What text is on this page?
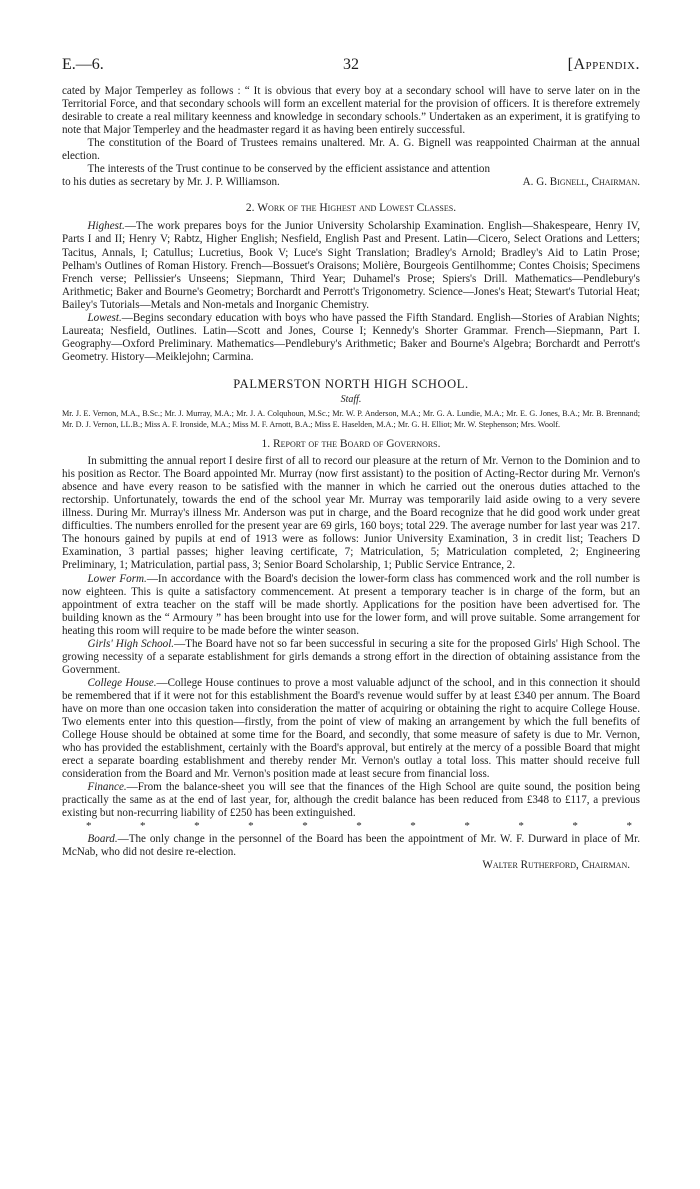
E.—6.	32	[Appendix.

cated by Major Temperley as follows : “ It is obvious that every boy at a secondary school will have to serve later on in the Territorial Force, and that secondary schools will form an excellent material for the provision of officers. It is therefore extremely desirable to create a real military keenness and knowledge in secondary schools.” Undertaken as an experiment, it is gratifying to note that Major Temperley and the headmaster regard it as having been entirely successful.

The constitution of the Board of Trustees remains unaltered. Mr. A. G. Bignell was reappointed Chairman at the annual election.

The interests of the Trust continue to be conserved by the efficient assistance and attention to his duties as secretary by Mr. J. P. Williamson.	A. G. Bignell, Chairman.

2. Work of the Highest and Lowest Classes.

Highest.—The work prepares boys for the Junior University Scholarship Examination. English—Shakespeare, Henry IV, Parts I and II; Henry V; Rabtz, Higher English; Nesfield, English Past and Present. Latin—Cicero, Select Orations and Letters; Tacitus, Annals, I; Catullus; Lucretius, Book V; Luce's Sight Translation; Bradley's Arnold; Bradley's Aid to Latin Prose; Pelham's Outlines of Roman History. French—Bossuet's Oraisons; Molière, Bourgeois Gentilhomme; Contes Choisis; Specimens French verse; Pellissier's Unseens; Siepmann, Third Year; Duhamel's Prose; Spiers's Drill. Mathematics—Pendlebury's Arithmetic; Baker and Bourne's Geometry; Borchardt and Perrott's Trigonometry. Science—Jones's Heat; Stewart's Tutorial Heat; Bailey's Tutorials—Metals and Non-metals and Inorganic Chemistry.

Lowest.—Begins secondary education with boys who have passed the Fifth Standard. English—Stories of Arabian Nights; Laureata; Nesfield, Outlines. Latin—Scott and Jones, Course I; Kennedy's Shorter Grammar. French—Siepmann, Part I. Geography—Oxford Preliminary. Mathematics—Pendlebury's Arithmetic; Baker and Bourne's Algebra; Borchardt and Perrott's Geometry. History—Meiklejohn; Carmina.

PALMERSTON NORTH HIGH SCHOOL.

Staff.

Mr. J. E. Vernon, M.A., B.Sc.; Mr. J. Murray, M.A.; Mr. J. A. Colquhoun, M.Sc.; Mr. W. P. Anderson, M.A.; Mr. G. A. Lundie, M.A.; Mr. E. G. Jones, B.A.; Mr. B. Brennand; Mr. D. J. Vernon, LL.B.; Miss A. F. Ironside, M.A.; Miss M. F. Arnott, B.A.; Miss E. Haselden, M.A.; Mr. G. H. Elliot; Mr. W. Stephenson; Mrs. Woolf.

1. Report of the Board of Governors.

In submitting the annual report I desire first of all to record our pleasure at the return of Mr. Vernon to the Dominion and to his position as Rector. The Board appointed Mr. Murray (now first assistant) to the position of Acting-Rector during Mr. Vernon's absence and have every reason to be satisfied with the manner in which he carried out the onerous duties attached to the rectorship. Unfortunately, towards the end of the school year Mr. Murray was temporarily laid aside owing to a very severe illness. During Mr. Murray's illness Mr. Anderson was put in charge, and the Board recognize that he did good work under great difficulties. The numbers enrolled for the present year are 69 girls, 160 boys; total 229. The average number for last year was 217. The honours gained by pupils at end of 1913 were as follows: Junior University Examination, 3 in credit list; Teachers D Examination, 3 partial passes; higher leaving certificate, 7; Matriculation, 5; Matriculation completed, 2; Engineering Preliminary, 1; Matriculation, partial pass, 3; Senior Board Scholarship, 1; Public Service Entrance, 2.

Lower Form.—In accordance with the Board's decision the lower-form class has commenced work and the roll number is now eighteen. This is quite a satisfactory commencement. At present a temporary teacher is in charge of the form, but an appointment of extra teacher on the staff will be made shortly. Applications for the position have been advertised for. The building known as the “ Armoury ” has been brought into use for the lower form, and will prove suitable. Some arrangement for heating this room will require to be made before the winter season.

Girls' High School.—The Board have not so far been successful in securing a site for the proposed Girls' High School. The growing necessity of a separate establishment for girls demands a strong effort in the direction of obtaining assistance from the Government.

College House.—College House continues to prove a most valuable adjunct of the school, and in this connection it should be remembered that if it were not for this establishment the Board's revenue would suffer by at least £340 per annum. The Board have on more than one occasion taken into consideration the matter of acquiring or obtaining the right to acquire College House. Two elements enter into this question—firstly, from the point of view of making an arrangement by which the full benefits of College House should be obtained at some time for the Board, and secondly, that some measure of safety is due to Mr. Vernon, who has provided the establishment, certainly with the Board's approval, but entirely at the mercy of a possible Board that might erect a separate boarding establishment and thereby render Mr. Vernon's outlay a total loss. This matter should receive full consideration from the Board and Mr. Vernon's position made at least secure from financial loss.

Finance.—From the balance-sheet you will see that the finances of the High School are quite sound, the position being practically the same as at the end of last year, for, although the credit balance has been reduced from £348 to £117, a previous existing but non-recurring liability of £250 has been extinguished.

*	*	*	*	*	*	*	*	*	*	*

Board.—The only change in the personnel of the Board has been the appointment of Mr. W. F. Durward in place of Mr. McNab, who did not desire re-election.

Walter Rutherford, Chairman.
